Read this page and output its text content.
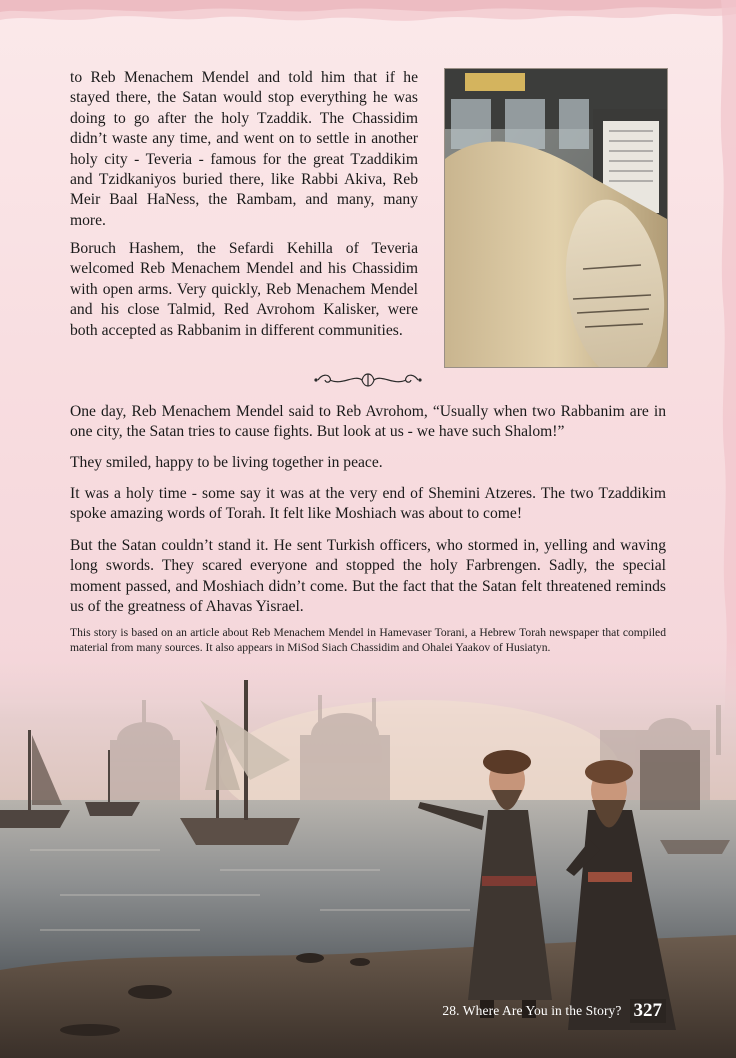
to Reb Menachem Mendel and told him that if he stayed there, the Satan would stop everything he was doing to go after the holy Tzaddik. The Chassidim didn’t waste any time, and went on to settle in another holy city - Teveria - famous for the great Tzaddikim and Tzidkaniyos buried there, like Rabbi Akiva, Reb Meir Baal HaNess, the Rambam, and many, many more.

Boruch Hashem, the Sefardi Kehilla of Teveria welcomed Reb Menachem Mendel and his Chassidim with open arms. Very quickly, Reb Menachem Mendel and his close Talmid, Red Avrohom Kalisker, were both accepted as Rabbanim in different communities.

One day, Reb Menachem Mendel said to Reb Avrohom, “Usually when two Rabbanim are in one city, the Satan tries to cause fights. But look at us - we have such Shalom!”

They smiled, happy to be living together in peace.

It was a holy time - some say it was at the very end of Shemini Atzeres. The two Tzaddikim spoke amazing words of Torah. It felt like Moshiach was about to come!

But the Satan couldn’t stand it. He sent Turkish officers, who stormed in, yelling and waving long swords. They scared everyone and stopped the holy Farbrengen. Sadly, the special moment passed, and Moshiach didn’t come. But the fact that the Satan felt threatened reminds us of the greatness of Ahavas Yisrael.

This story is based on an article about Reb Menachem Mendel in Hamevaser Torani, a Hebrew Torah newspaper that compiled material from many sources. It also appears in MiSod Siach Chassidim and Ohalei Yaakov of Husiatyn.

28. Where Are You in the Story? 327
